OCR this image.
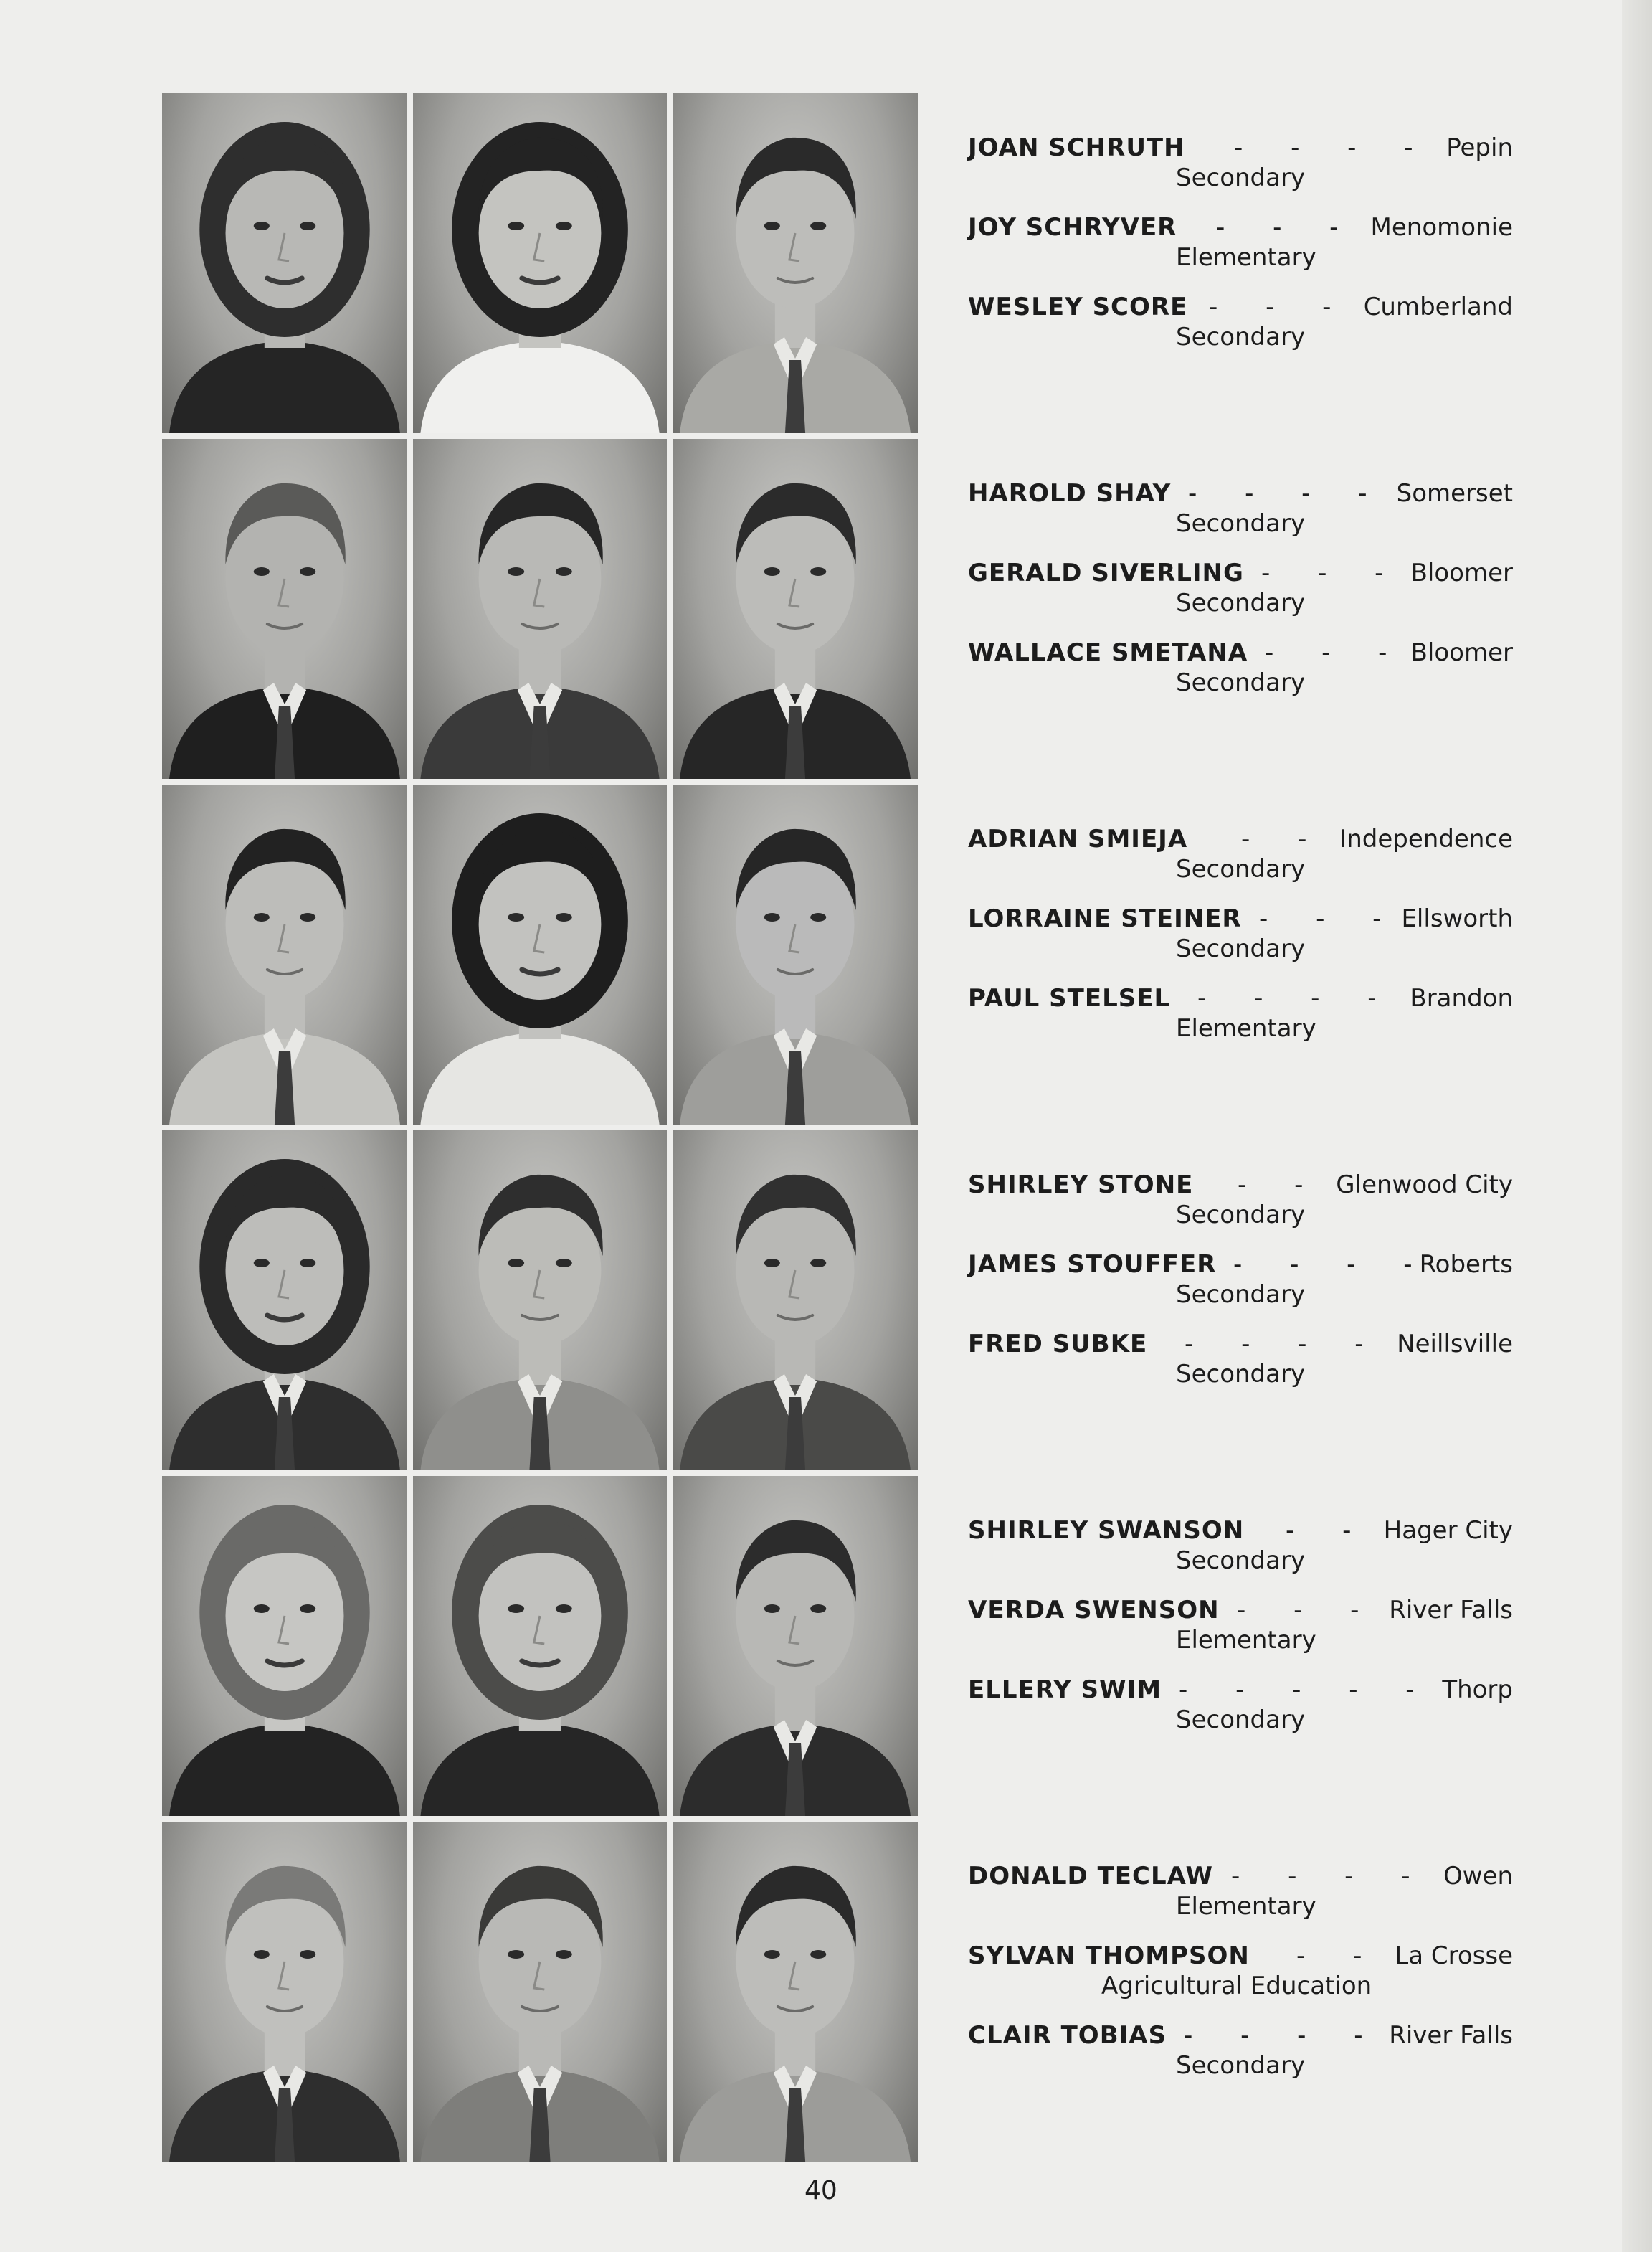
JOAN SCHRUTH - - - - Pepin
Secondary
JOY SCHRYVER - - - Menomonie
Elementary
WESLEY SCORE - - - Cumberland
Secondary
HAROLD SHAY - - - - Somerset
Secondary
GERALD SIVERLING - - - Bloomer
Secondary
WALLACE SMETANA - - - Bloomer
Secondary
ADRIAN SMIEJA - - Independence
Secondary
LORRAINE STEINER - - - Ellsworth
Secondary
PAUL STELSEL - - - - Brandon
Elementary
SHIRLEY STONE - - Glenwood City
Secondary
JAMES STOUFFER - - - -
Roberts
Secondary
FRED SUBKE - - - - Neillsville
Secondary
SHIRLEY SWANSON - - Hager City
Secondary
VERDA SWENSON - - - River Falls
Elementary
ELLERY SWIM - - - - - Thorp
Secondary
DONALD TECLAW - - - - Owen
Elementary
SYLVAN THOMPSON - - La Crosse
Agricultural Education
CLAIR TOBIAS - - - - River Falls
Secondary
40
